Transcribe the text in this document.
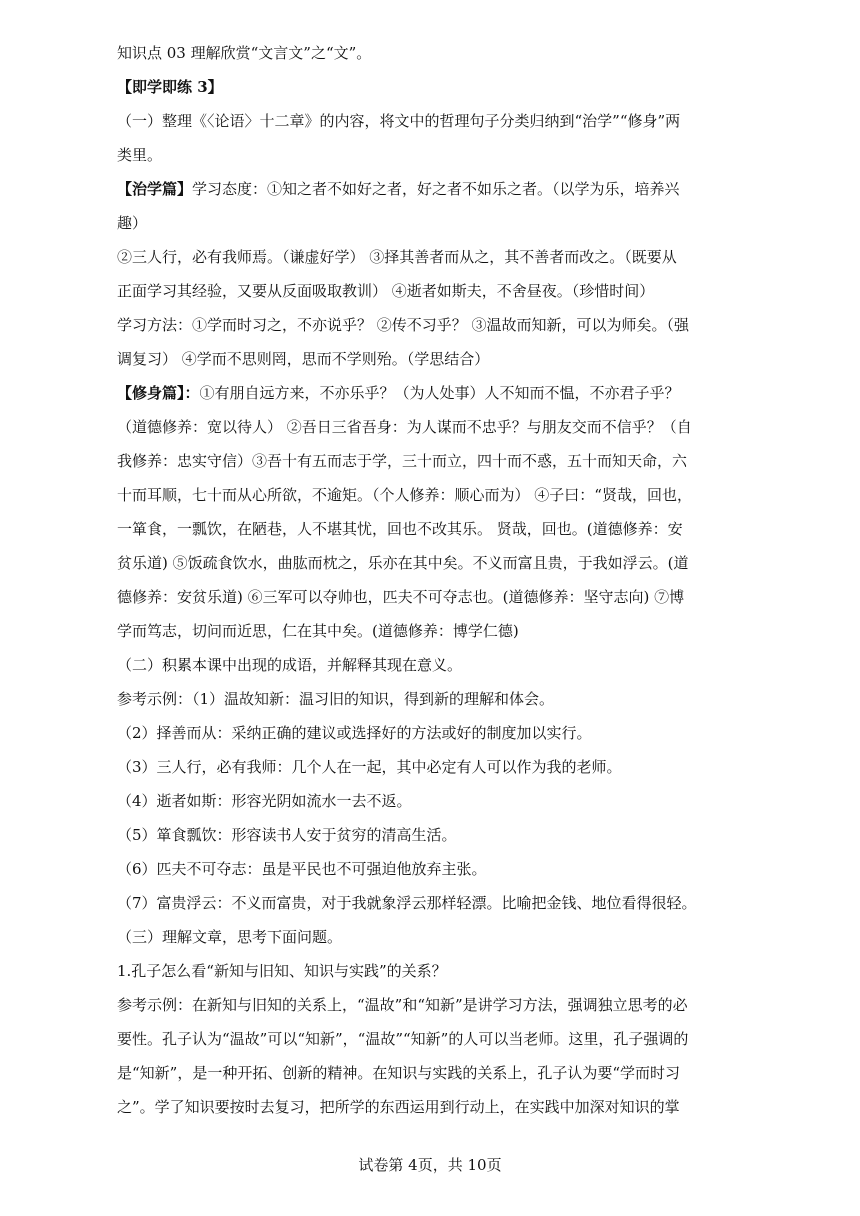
知识点 03 理解欣赏“文言文”之“文”。
【即学即练 3】
（一）整理《〈论语〉十二章》的内容，将文中的哲理句子分类归纳到“治学”“修身”两
类里。
【治学篇】学习态度：①知之者不如好之者，好之者不如乐之者。（以学为乐，培养兴
趣）
②三人行，必有我师焉。（谦虚好学） ③择其善者而从之，其不善者而改之。（既要从
正面学习其经验，又要从反面吸取教训） ④逝者如斯夫，不舍昼夜。（珍惜时间）
学习方法：①学而时习之，不亦说乎？ ②传不习乎？ ③温故而知新，可以为师矣。（强
调复习） ④学而不思则罔，思而不学则殆。（学思结合）
【修身篇】：①有朋自远方来，不亦乐乎？（为人处事）人不知而不愠，不亦君子乎？
（道德修养：宽以待人） ②吾日三省吾身：为人谋而不忠乎？与朋友交而不信乎？（自
我修养：忠实守信）③吾十有五而志于学，三十而立，四十而不惑，五十而知天命，六
十而耳顺，七十而从心所欲，不逾矩。（个人修养：顺心而为） ④子曰：“贤哉，回也，
一箪食，一瓢饮，在陋巷，人不堪其忧，回也不改其乐。 贤哉，回也。(道德修养：安
贫乐道) ⑤饭疏食饮水，曲肱而枕之，乐亦在其中矣。不义而富且贵，于我如浮云。(道
德修养：安贫乐道) ⑥三军可以夺帅也，匹夫不可夺志也。(道德修养：坚守志向) ⑦博
学而笃志，切问而近思，仁在其中矣。(道德修养：博学仁德)
（二）积累本课中出现的成语，并解释其现在意义。
参考示例：（1）温故知新：温习旧的知识，得到新的理解和体会。
（2）择善而从：采纳正确的建议或选择好的方法或好的制度加以实行。
（3）三人行，必有我师：几个人在一起，其中必定有人可以作为我的老师。
（4）逝者如斯：形容光阴如流水一去不返。
（5）箪食瓢饮：形容读书人安于贫穷的清高生活。
（6）匹夫不可夺志：虽是平民也不可强迫他放弃主张。
（7）富贵浮云：不义而富贵，对于我就象浮云那样轻漂。比喻把金钱、地位看得很轻。
（三）理解文章，思考下面问题。
1.孔子怎么看“新知与旧知、知识与实践”的关系？
参考示例：在新知与旧知的关系上，“温故”和“知新”是讲学习方法，强调独立思考的必
要性。孔子认为“温故”可以“知新”，“温故”“知新”的人可以当老师。这里，孔子强调的
是“知新”，是一种开拓、创新的精神。在知识与实践的关系上，孔子认为要“学而时习
之”。学了知识要按时去复习，把所学的东西运用到行动上，在实践中加深对知识的掌
试卷第 4页，共 10页
